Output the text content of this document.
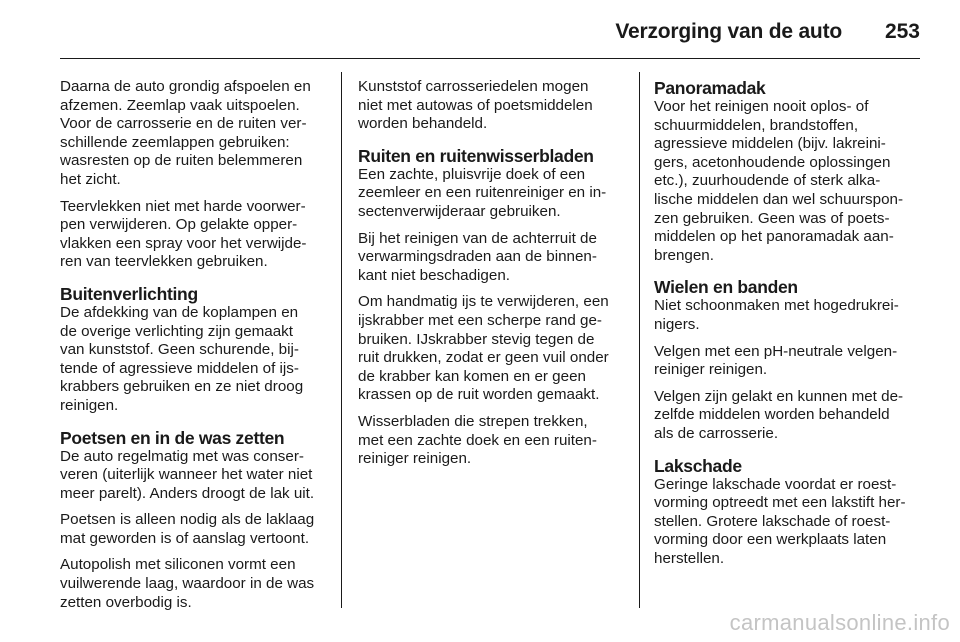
Verzorging van de auto 253

Daarna de auto grondig afspoelen en
afzemen. Zeemlap vaak uitspoelen.
Voor de carrosserie en de ruiten ver-
schillende zeemlappen gebruiken:
wasresten op de ruiten belemmeren
het zicht.

Teervlekken niet met harde voorwer-
pen verwijderen. Op gelakte opper-
vlakken een spray voor het verwijde-
ren van teervlekken gebruiken.

Buitenverlichting

De afdekking van de koplampen en
de overige verlichting zijn gemaakt
van kunststof. Geen schurende, bij-
tende of agressieve middelen of ijs-
krabbers gebruiken en ze niet droog
reinigen.

Poetsen en in de was zetten

De auto regelmatig met was conser-
veren (uiterlijk wanneer het water niet
meer parelt). Anders droogt de lak uit.

Poetsen is alleen nodig als de laklaag
mat geworden is of aanslag vertoont.

Autopolish met siliconen vormt een
vuilwerende laag, waardoor in de was
zetten overbodig is.

Kunststof carrosseriedelen mogen
niet met autowas of poetsmiddelen
worden behandeld.

Ruiten en ruitenwisserbladen

Een zachte, pluisvrije doek of een
zeemleer en een ruitenreiniger en in-
sectenverwijderaar gebruiken.

Bij het reinigen van de achterruit de
verwarmingsdraden aan de binnen-
kant niet beschadigen.

Om handmatig ijs te verwijderen, een
ijskrabber met een scherpe rand ge-
bruiken. IJskrabber stevig tegen de
ruit drukken, zodat er geen vuil onder
de krabber kan komen en er geen
krassen op de ruit worden gemaakt.

Wisserbladen die strepen trekken,
met een zachte doek en een ruiten-
reiniger reinigen.

Panoramadak

Voor het reinigen nooit oplos- of
schuurmiddelen, brandstoffen,
agressieve middelen (bijv. lakreini-
gers, acetonhoudende oplossingen
etc.), zuurhoudende of sterk alka-
lische middelen dan wel schuurspon-
zen gebruiken. Geen was of poets-
middelen op het panoramadak aan-
brengen.

Wielen en banden

Niet schoonmaken met hogedrukrei-
nigers.

Velgen met een pH-neutrale velgen-
reiniger reinigen.

Velgen zijn gelakt en kunnen met de-
zelfde middelen worden behandeld
als de carrosserie.

Lakschade

Geringe lakschade voordat er roest-
vorming optreedt met een lakstift her-
stellen. Grotere lakschade of roest-
vorming door een werkplaats laten
herstellen.

carmanualsonline.info
